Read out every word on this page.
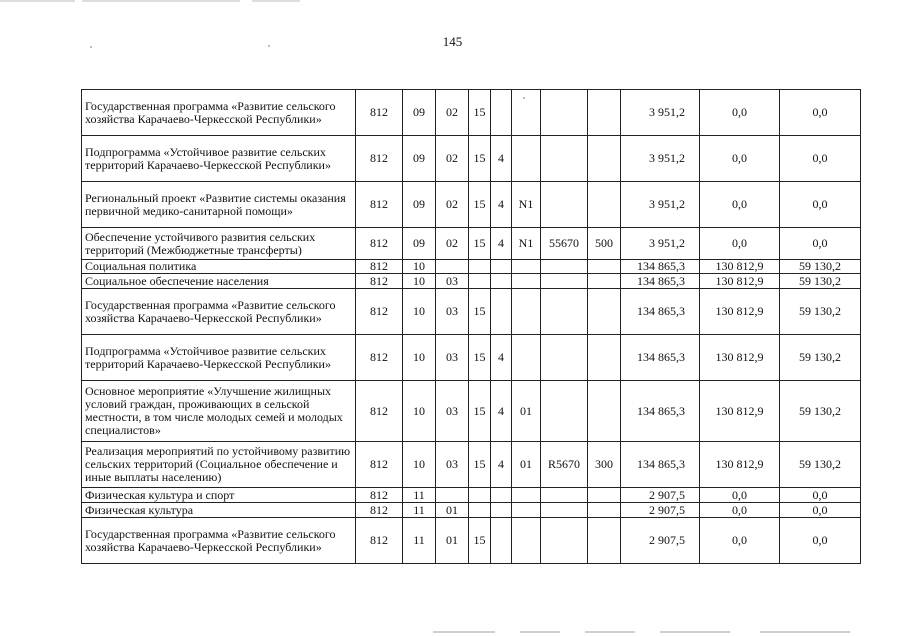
145
Государственная программа «Развитие сельского хозяйства Карачаево-Черкесской Республики»	812	09	02	15					3 951,2	0,0	0,0
Подпрограмма «Устойчивое развитие сельских территорий Карачаево-Черкесской Республики»	812	09	02	15	4				3 951,2	0,0	0,0
Региональный проект «Развитие системы оказания первичной медико-санитарной помощи»	812	09	02	15	4	N1			3 951,2	0,0	0,0
Обеспечение устойчивого развития сельских территорий (Межбюджетные трансферты)	812	09	02	15	4	N1	55670	500	3 951,2	0,0	0,0
Социальная политика	812	10							134 865,3	130 812,9	59 130,2
Социальное обеспечение населения	812	10	03						134 865,3	130 812,9	59 130,2
Государственная программа «Развитие сельского хозяйства Карачаево-Черкесской Республики»	812	10	03	15					134 865,3	130 812,9	59 130,2
Подпрограмма «Устойчивое развитие сельских территорий Карачаево-Черкесской Республики»	812	10	03	15	4				134 865,3	130 812,9	59 130,2
Основное мероприятие «Улучшение жилищных условий граждан, проживающих в сельской местности, в том числе молодых семей и молодых специалистов»	812	10	03	15	4	01			134 865,3	130 812,9	59 130,2
Реализация мероприятий по устойчивому развитию сельских территорий (Социальное обеспечение и иные выплаты населению)	812	10	03	15	4	01	R5670	300	134 865,3	130 812,9	59 130,2
Физическая культура и спорт	812	11							2 907,5	0,0	0,0
Физическая культура	812	11	01						2 907,5	0,0	0,0
Государственная программа «Развитие сельского хозяйства Карачаево-Черкесской Республики»	812	11	01	15					2 907,5	0,0	0,0
